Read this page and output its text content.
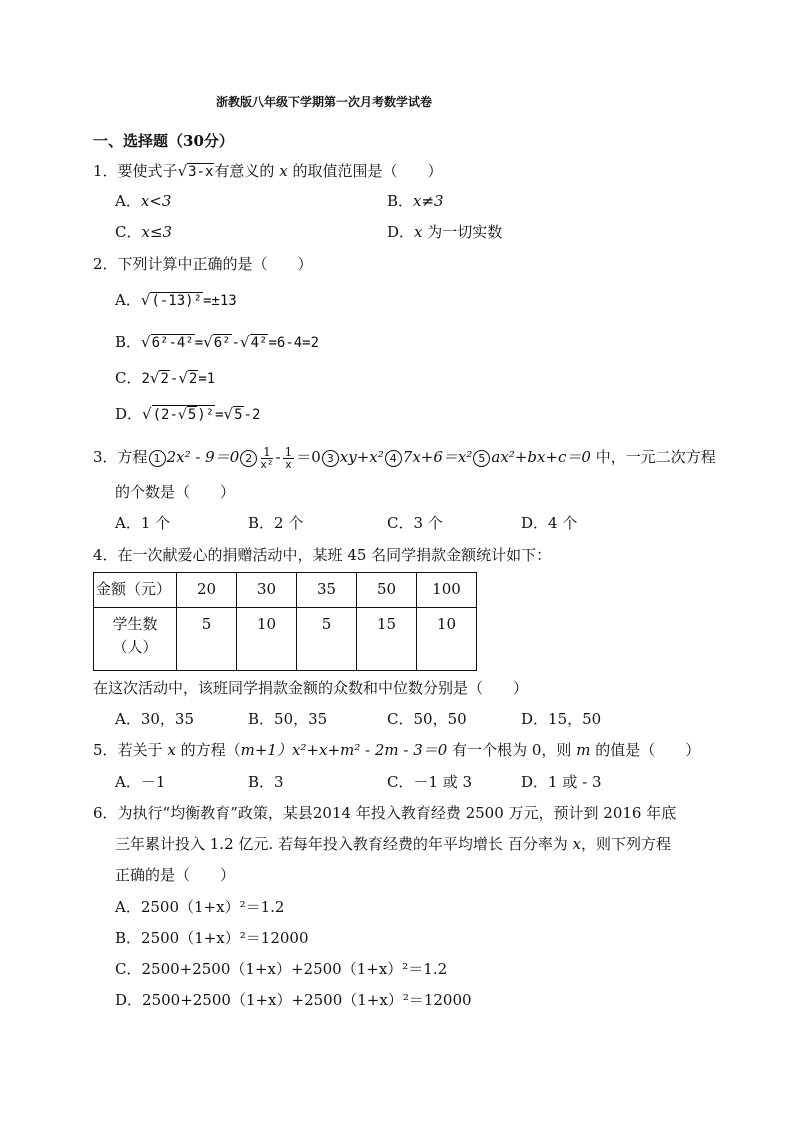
浙教版八年级下学期第一次月考数学试卷
一、选择题（30分）
1．要使式子√3-x有意义的 x 的取值范围是（　　）
A．x<3	B．x≠3
C．x≤3	D．x 为一切实数
2．下列计算中正确的是（　　）
A．√(-13)²=±13
B．√6²-4²=√6²-√4²=6-4=2
C．2√2-√2=1
D．√(2-√5)²=√5-2
3．方程 1 2x² - 9＝0 $2 \frac{1}{\text{x²}} - \frac{1}{x} =0$ 3 xy+x² 4 7x+6＝x² 5 ax²+bx+c＝0 中，一元二次方程
的个数是（　　）
A．1 个	B．2 个	C．3 个	D．4 个
4．在一次献爱心的捐赠活动中，某班 45 名同学捐款金额统计如下：
金额（元）	20	30	35	50	100

学生数
（人）	5	10	5	15	10
在这次活动中，该班同学捐款金额的众数和中位数分别是（　　）
A．30，35	B．50，35	C．50，50	D．15，50
5．若关于 x 的方程（m+1）x²+x+m² - 2m - 3＝0 有一个根为 0，则 m 的值是（　　）
A．－1	B．3	C．－1 或 3	D．1 或 - 3
6．为执行“均衡教育”政策，某县2014 年投入教育经费 2500 万元，预计到 2016 年底
三年累计投入 1.2 亿元. 若每年投入教育经费的年平均增长 百分率为 x，则下列方程
正确的是（　　）
A．2500（1+x）²＝1.2
B．2500（1+x）²＝12000
C．2500+2500（1+x）+2500（1+x）²＝1.2
D．2500+2500（1+x）+2500（1+x）²＝12000
